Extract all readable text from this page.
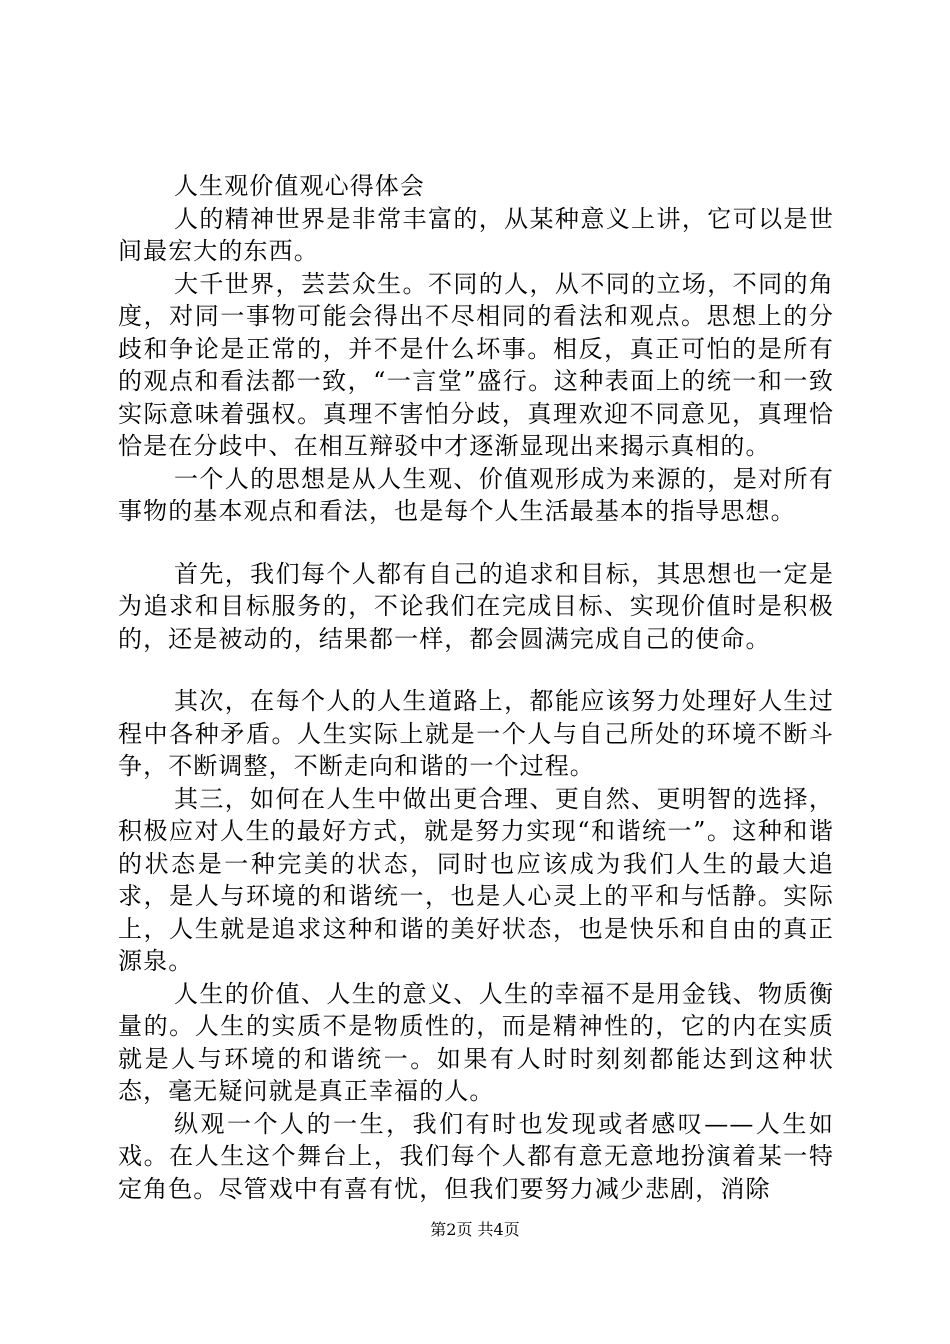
人生观价值观心得体会

人的精神世界是非常丰富的，从某种意义上讲，它可以是世间最宏大的东西。

大千世界，芸芸众生。不同的人，从不同的立场，不同的角度，对同一事物可能会得出不尽相同的看法和观点。思想上的分歧和争论是正常的，并不是什么坏事。相反，真正可怕的是所有的观点和看法都一致，“一言堂”盛行。这种表面上的统一和一致实际意味着强权。真理不害怕分歧，真理欢迎不同意见，真理恰恰是在分歧中、在相互辩驳中才逐渐显现出来揭示真相的。

一个人的思想是从人生观、价值观形成为来源的，是对所有事物的基本观点和看法，也是每个人生活最基本的指导思想。

首先，我们每个人都有自己的追求和目标，其思想也一定是为追求和目标服务的，不论我们在完成目标、实现价值时是积极的，还是被动的，结果都一样，都会圆满完成自己的使命。

其次，在每个人的人生道路上，都能应该努力处理好人生过程中各种矛盾。人生实际上就是一个人与自己所处的环境不断斗争，不断调整，不断走向和谐的一个过程。

其三，如何在人生中做出更合理、更自然、更明智的选择，积极应对人生的最好方式，就是努力实现“和谐统一”。这种和谐的状态是一种完美的状态，同时也应该成为我们人生的最大追求，是人与环境的和谐统一，也是人心灵上的平和与恬静。实际上，人生就是追求这种和谐的美好状态，也是快乐和自由的真正源泉。

人生的价值、人生的意义、人生的幸福不是用金钱、物质衡量的。人生的实质不是物质性的，而是精神性的，它的内在实质就是人与环境的和谐统一。如果有人时时刻刻都能达到这种状态，毫无疑问就是真正幸福的人。

纵观一个人的一生，我们有时也发现或者感叹——人生如戏。在人生这个舞台上，我们每个人都有意无意地扮演着某一特定角色。尽管戏中有喜有忧，但我们要努力减少悲剧，消除

第2页 共4页
